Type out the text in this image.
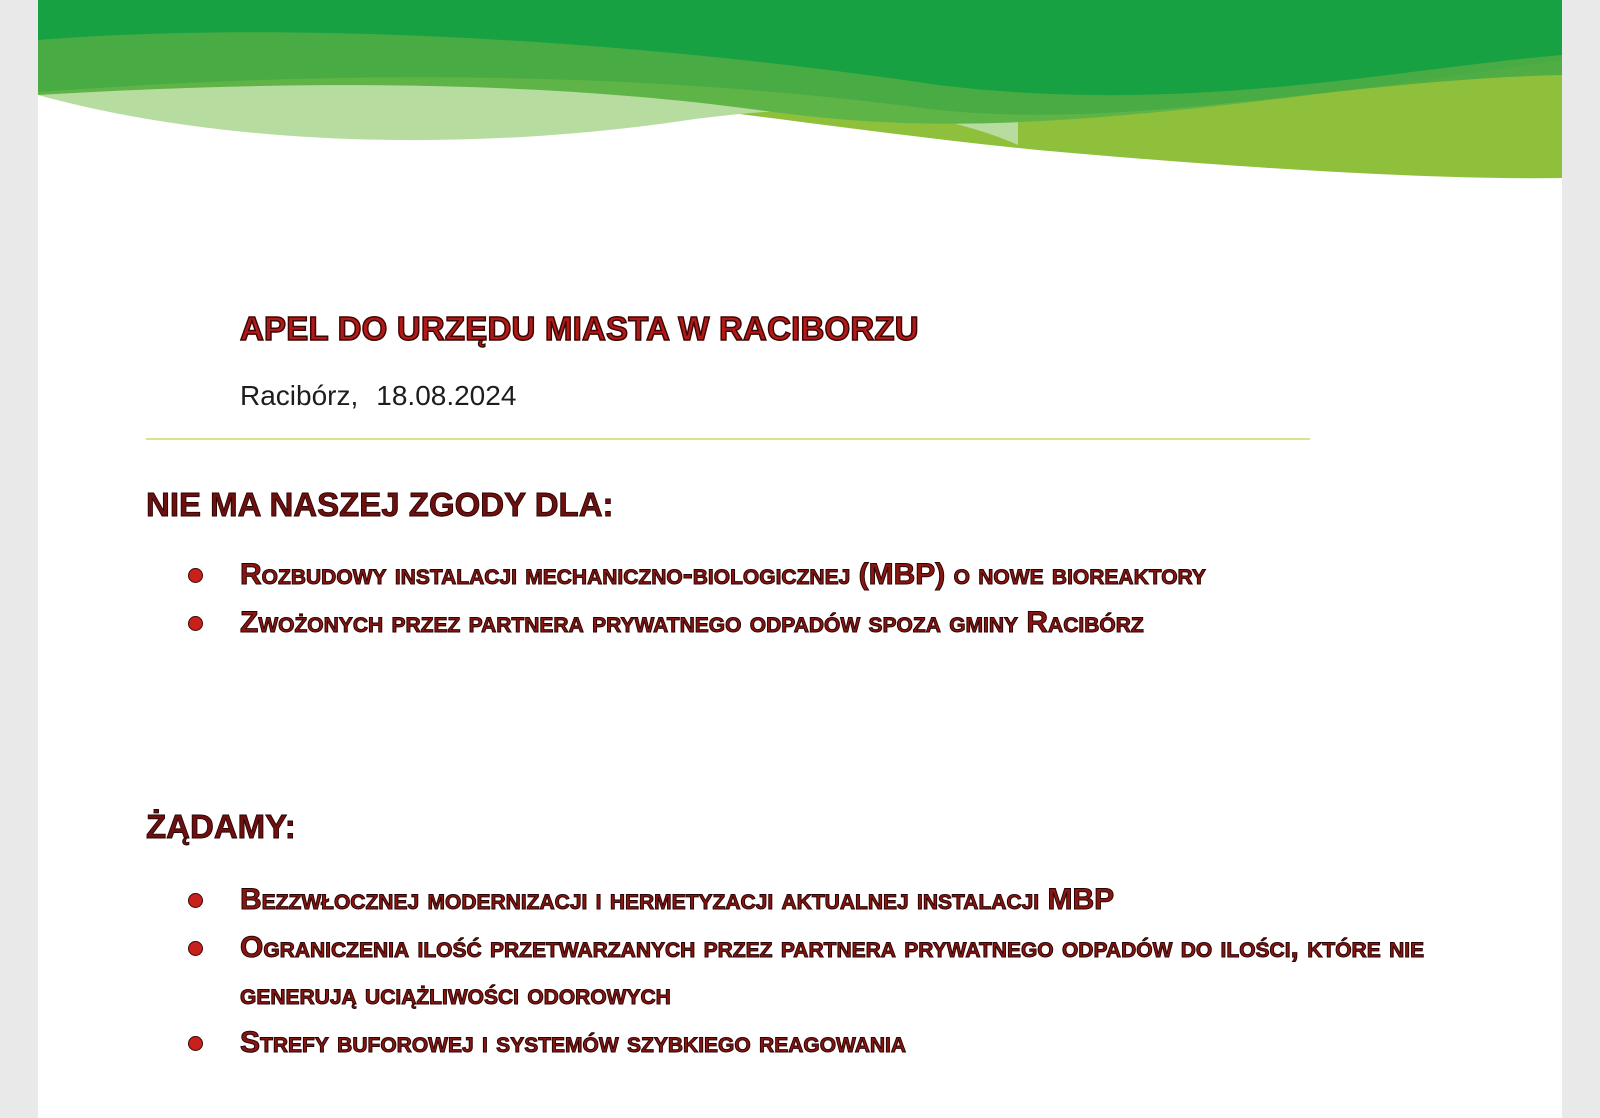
APEL DO URZĘDU MIASTA W RACIBORZU
Racibórz, 18.08.2024
NIE MA NASZEJ ZGODY DLA:
Rozbudowy instalacji mechaniczno-biologicznej (MBP) o nowe bioreaktory
Zwożonych przez partnera prywatnego odpadów spoza gminy Racibórz
ŻĄDAMY:
Bezzwłocznej modernizacji i hermetyzacji aktualnej instalacji MBP
Ograniczenia ilość przetwarzanych przez partnera prywatnego odpadów do ilości, które nie generują uciążliwości odorowych
Strefy buforowej i systemów szybkiego reagowania
